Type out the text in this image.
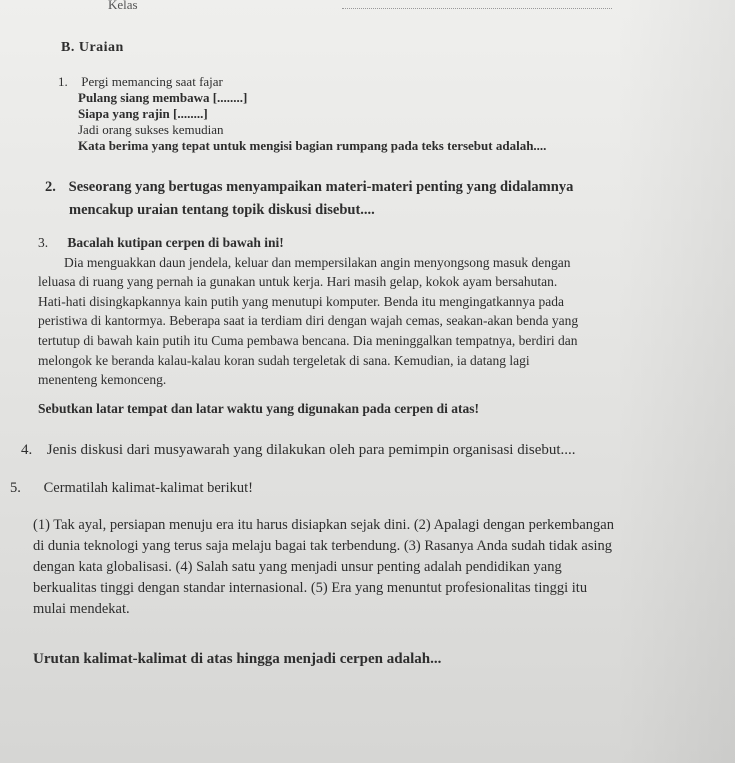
Kelas
B. Uraian
1. Pergi memancing saat fajar
Pulang siang membawa [........]
Siapa yang rajin [........]
Jadi orang sukses kemudian
Kata berima yang tepat untuk mengisi bagian rumpang pada teks tersebut adalah....
2. Seseorang yang bertugas menyampaikan materi-materi penting yang didalamnya
mencakup uraian tentang topik diskusi disebut....
3. Bacalah kutipan cerpen di bawah ini!
Dia menguakkan daun jendela, keluar dan mempersilakan angin menyongsong masuk dengan
leluasa di ruang yang pernah ia gunakan untuk kerja. Hari masih gelap, kokok ayam bersahutan.
Hati-hati disingkapkannya kain putih yang menutupi komputer. Benda itu mengingatkannya pada
peristiwa di kantormya. Beberapa saat ia terdiam diri dengan wajah cemas, seakan-akan benda yang
tertutup di bawah kain putih itu Cuma pembawa bencana. Dia meninggalkan tempatnya, berdiri dan
melongok ke beranda kalau-kalau koran sudah tergeletak di sana. Kemudian, ia datang lagi
menenteng kemonceng.
Sebutkan latar tempat dan latar waktu yang digunakan pada cerpen di atas!
4. Jenis diskusi dari musyawarah yang dilakukan oleh para pemimpin organisasi disebut....
5. Cermatilah kalimat-kalimat berikut!
(1) Tak ayal, persiapan menuju era itu harus disiapkan sejak dini. (2) Apalagi dengan perkembangan
di dunia teknologi yang terus saja melaju bagai tak terbendung. (3) Rasanya Anda sudah tidak asing
dengan kata globalisasi. (4) Salah satu yang menjadi unsur penting adalah pendidikan yang
berkualitas tinggi dengan standar internasional. (5) Era yang menuntut profesionalitas tinggi itu
mulai mendekat.
Urutan kalimat-kalimat di atas hingga menjadi cerpen adalah...
